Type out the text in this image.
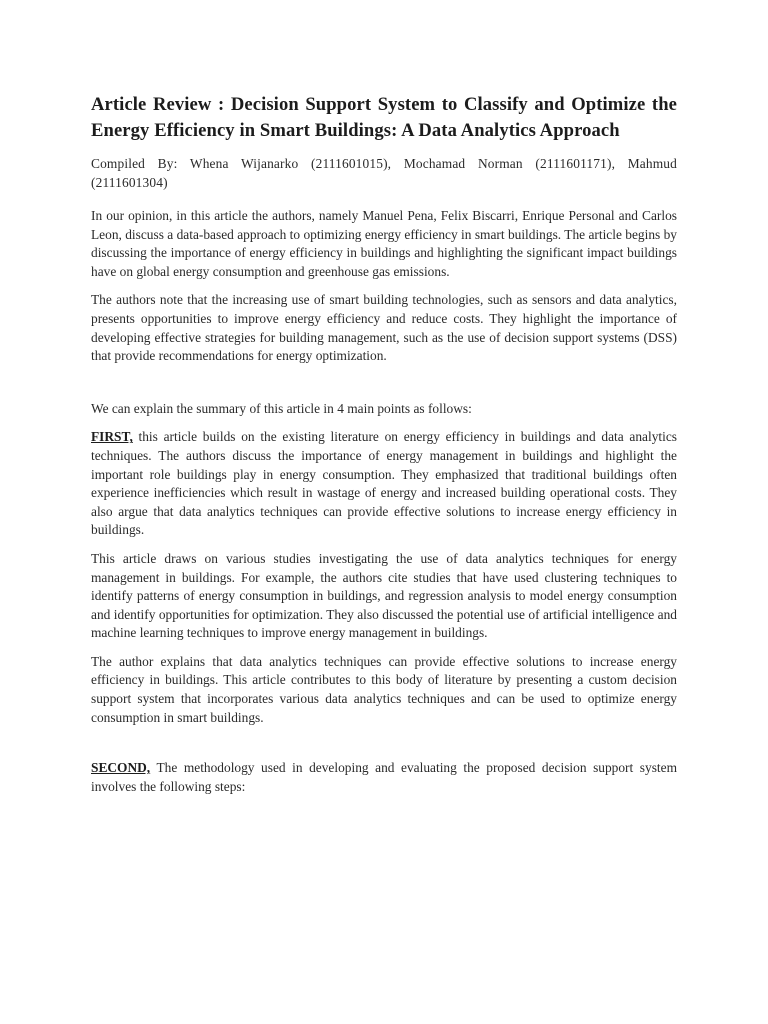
Article Review : Decision Support System to Classify and Optimize the Energy Efficiency in Smart Buildings: A Data Analytics Approach
Compiled By: Whena Wijanarko (2111601015), Mochamad Norman (2111601171), Mahmud (2111601304)

In our opinion, in this article the authors, namely Manuel Pena, Felix Biscarri, Enrique Personal and Carlos Leon, discuss a data-based approach to optimizing energy efficiency in smart buildings. The article begins by discussing the importance of energy efficiency in buildings and highlighting the significant impact buildings have on global energy consumption and greenhouse gas emissions.

The authors note that the increasing use of smart building technologies, such as sensors and data analytics, presents opportunities to improve energy efficiency and reduce costs. They highlight the importance of developing effective strategies for building management, such as the use of decision support systems (DSS) that provide recommendations for energy optimization.

We can explain the summary of this article in 4 main points as follows:

FIRST, this article builds on the existing literature on energy efficiency in buildings and data analytics techniques. The authors discuss the importance of energy management in buildings and highlight the important role buildings play in energy consumption. They emphasized that traditional buildings often experience inefficiencies which result in wastage of energy and increased building operational costs. They also argue that data analytics techniques can provide effective solutions to increase energy efficiency in buildings.

This article draws on various studies investigating the use of data analytics techniques for energy management in buildings. For example, the authors cite studies that have used clustering techniques to identify patterns of energy consumption in buildings, and regression analysis to model energy consumption and identify opportunities for optimization. They also discussed the potential use of artificial intelligence and machine learning techniques to improve energy management in buildings.

The author explains that data analytics techniques can provide effective solutions to increase energy efficiency in buildings. This article contributes to this body of literature by presenting a custom decision support system that incorporates various data analytics techniques and can be used to optimize energy consumption in smart buildings.

SECOND, The methodology used in developing and evaluating the proposed decision support system involves the following steps:
